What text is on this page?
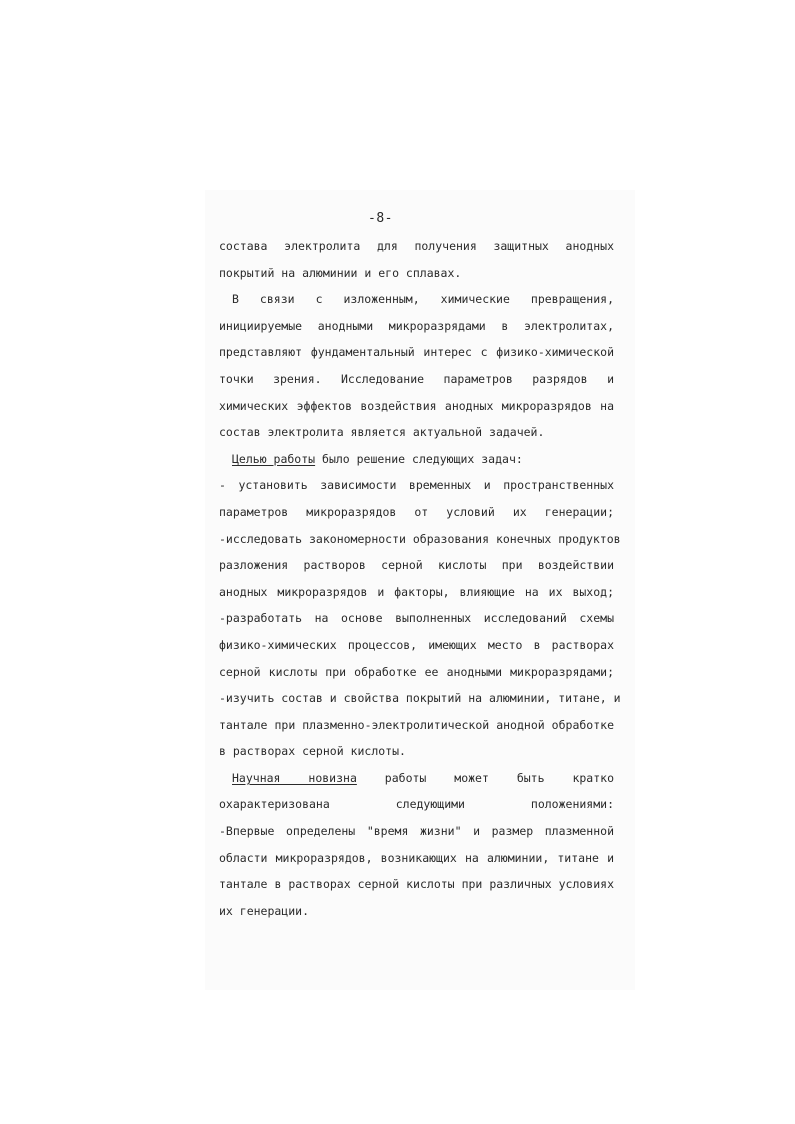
-8-
состава электролита для получения защитных анодных
покрытий на алюминии и его сплавах.
В связи с изложенным, химические превращения,
инициируемые анодными микроразрядами в электролитах,
представляют фундаментальный интерес с физико-химической
точки зрения. Исследование параметров разрядов и
химических эффектов воздействия анодных микроразрядов на
состав электролита является актуальной задачей.
Целью работы было решение следующих задач:
- установить зависимости временных и пространственных
параметров микроразрядов от условий их генерации;
-исследовать закономерности образования конечных продуктов
разложения растворов серной кислоты при воздействии
анодных микроразрядов и факторы, влияющие на их выход;
-разработать на основе выполненных исследований схемы
физико-химических процессов, имеющих место в растворах
серной кислоты при обработке ее анодными микроразрядами;
-изучить состав и свойства покрытий на алюминии, титане, и
тантале при плазменно-электролитической анодной обработке
в растворах серной кислоты.
Научная новизна работы может быть кратко
охарактеризована следующими положениями:
-Впервые определены "время жизни" и размер плазменной
области микроразрядов, возникающих на алюминии, титане и
тантале в растворах серной кислоты при различных условиях
их генерации.
